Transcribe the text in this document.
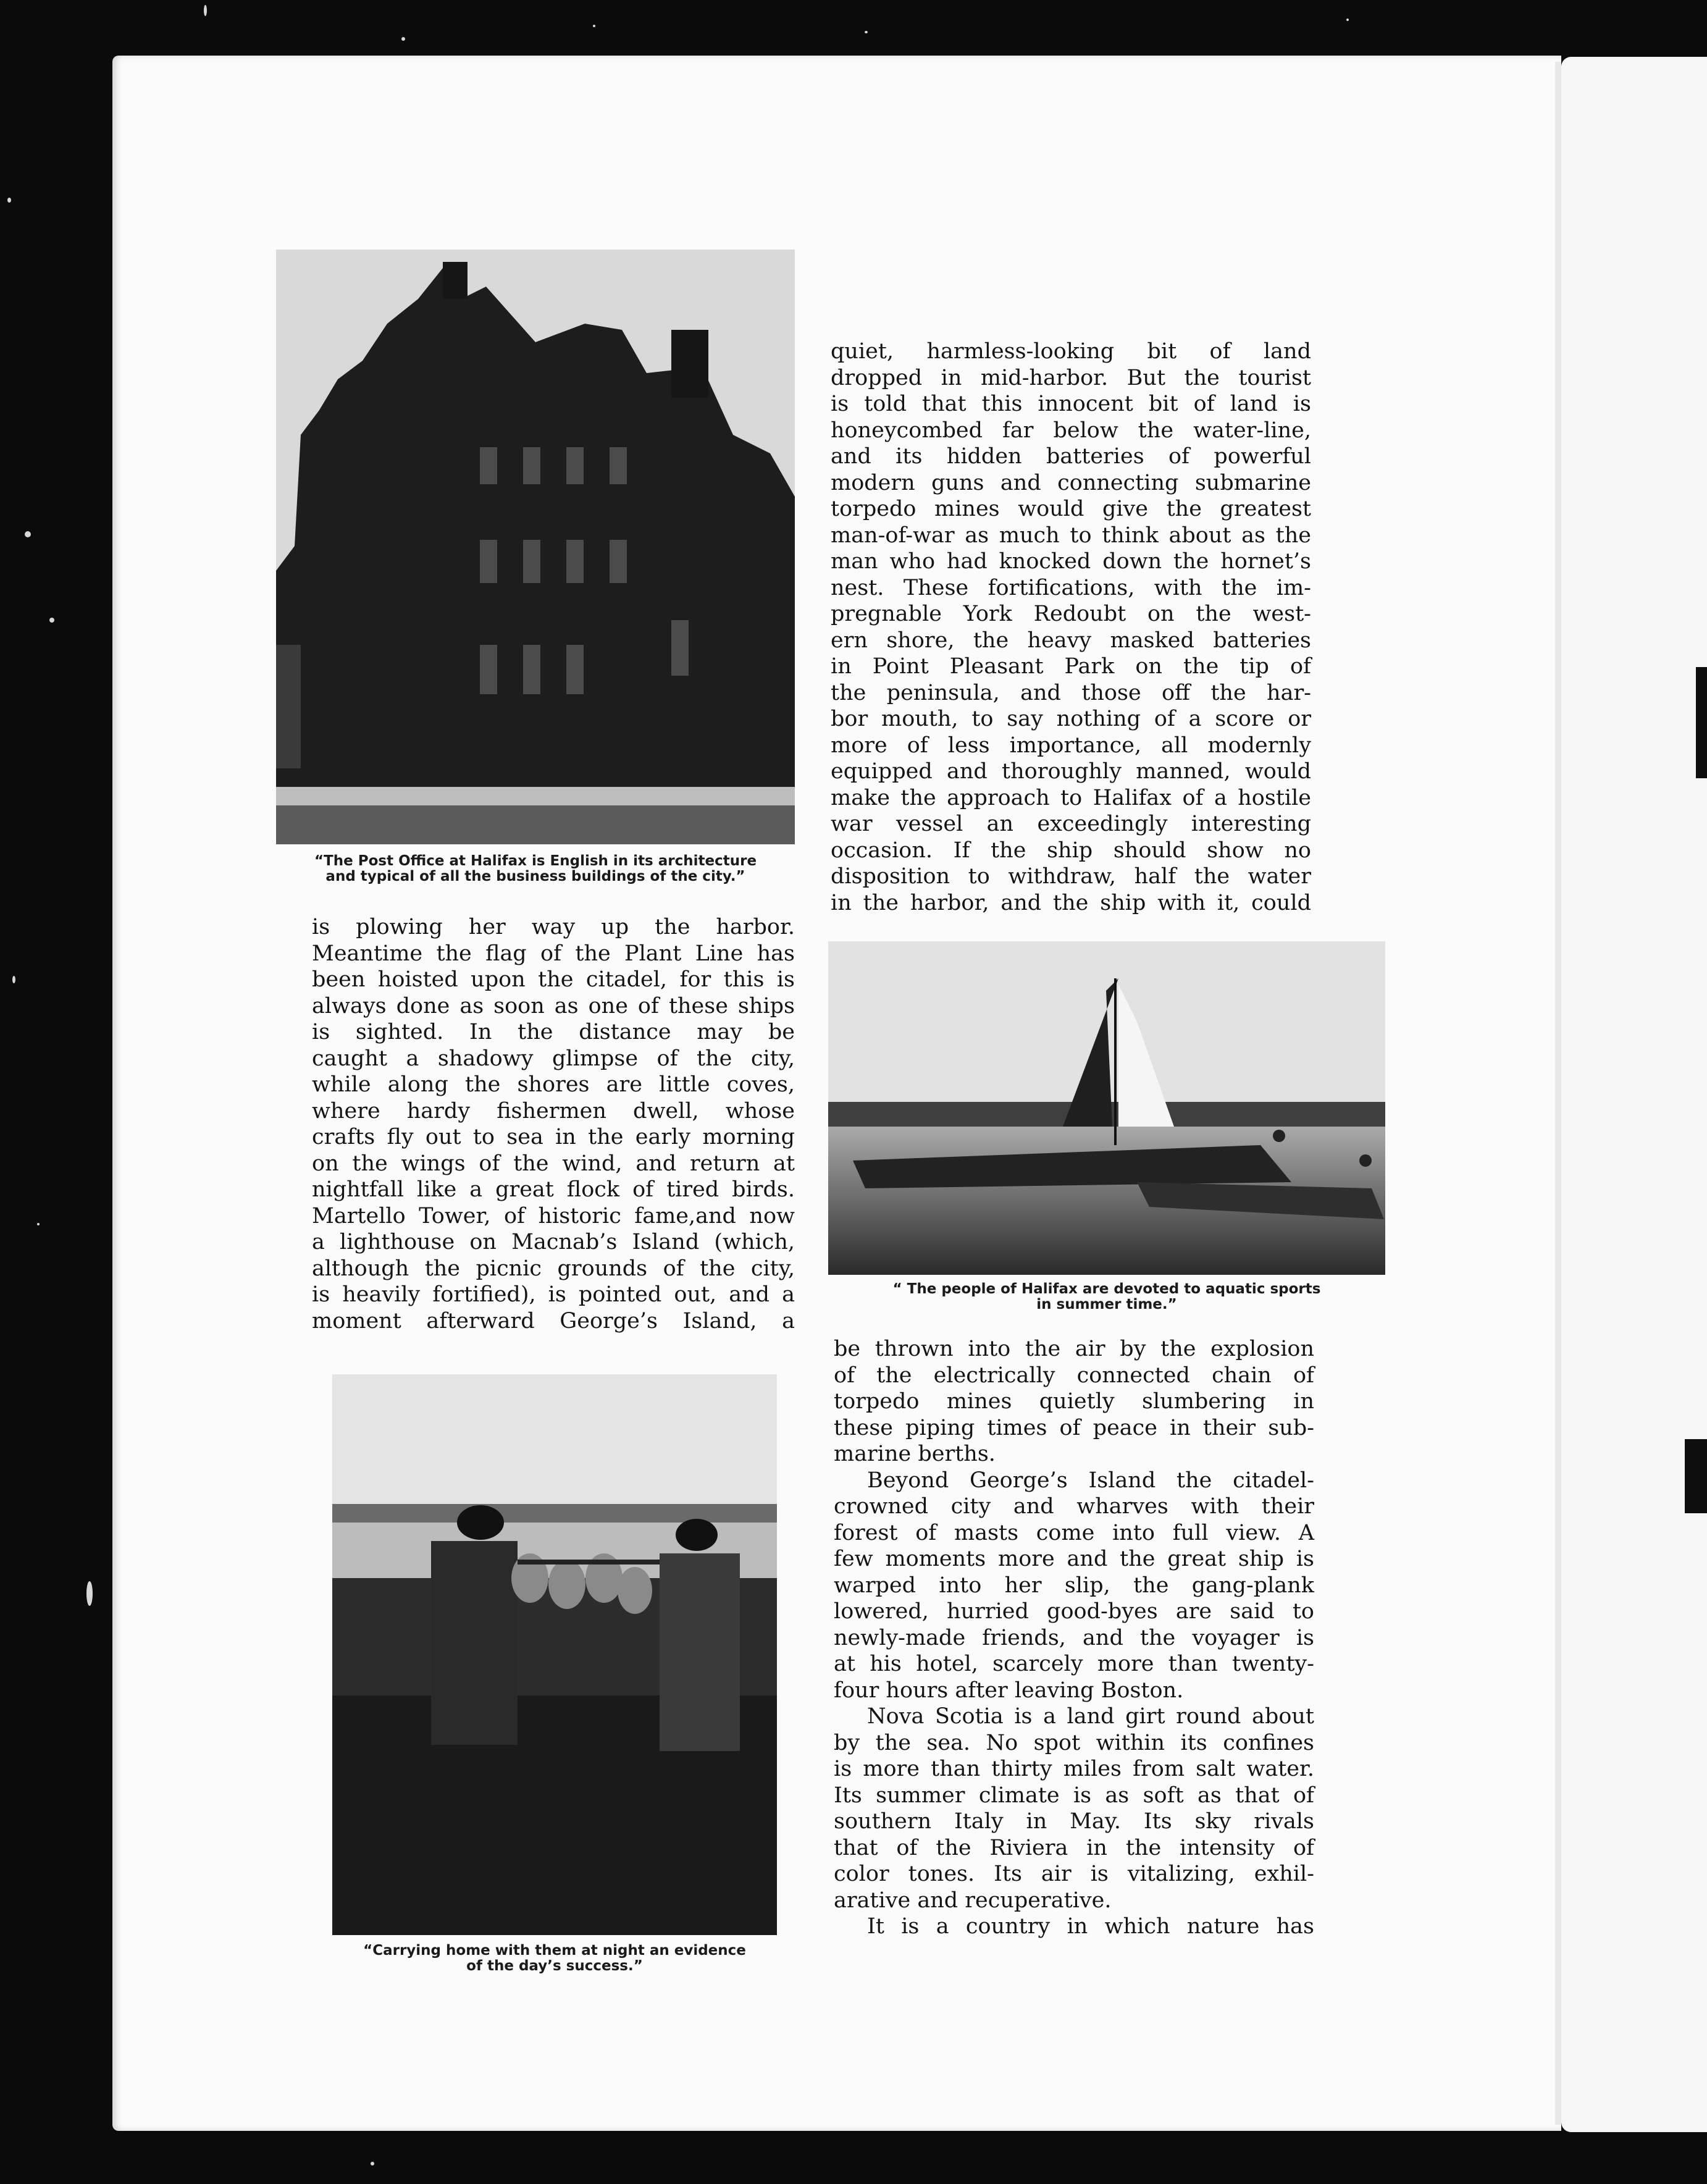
“The Post Office at Halifax is English in its architecture
and typical of all the business buildings of the city.”
“ The people of Halifax are devoted to aquatic sports
in summer time.”
“Carrying home with them at night an evidence
of the day’s success.”

quiet, harmless-looking bit of land

dropped in mid-harbor. But the tourist

is told that this innocent bit of land is

honeycombed far below the water-line,

and its hidden batteries of powerful

modern guns and connecting submarine

torpedo mines would give the greatest

man-of-war as much to think about as the

man who had knocked down the hornet’s

nest. These fortifications, with the im-

pregnable York Redoubt on the west-

ern shore, the heavy masked batteries

in Point Pleasant Park on the tip of

the peninsula, and those off the har-

bor mouth, to say nothing of a score or

more of less importance, all modernly

equipped and thoroughly manned, would

make the approach to Halifax of a hostile

war vessel an exceedingly interesting

occasion. If the ship should show no

disposition to withdraw, half the water

in the harbor, and the ship with it, could

is plowing her way up the harbor.

Meantime the flag of the Plant Line has

been hoisted upon the citadel, for this is

always done as soon as one of these ships

is sighted. In the distance may be

caught a shadowy glimpse of the city,

while along the shores are little coves,

where hardy fishermen dwell, whose

crafts fly out to sea in the early morning

on the wings of the wind, and return at

nightfall like a great flock of tired birds.

Martello Tower, of historic fame,and now

a lighthouse on Macnab’s Island (which,

although the picnic grounds of the city,

is heavily fortified), is pointed out, and a

moment afterward George’s Island, a

be thrown into the air by the explosion

of the electrically connected chain of

torpedo mines quietly slumbering in

these piping times of peace in their sub-

marine berths.

Beyond George’s Island the citadel-

crowned city and wharves with their

forest of masts come into full view. A

few moments more and the great ship is

warped into her slip, the gang-plank

lowered, hurried good-byes are said to

newly-made friends, and the voyager is

at his hotel, scarcely more than twenty-

four hours after leaving Boston.

Nova Scotia is a land girt round about

by the sea. No spot within its confines

is more than thirty miles from salt water.

Its summer climate is as soft as that of

southern Italy in May. Its sky rivals

that of the Riviera in the intensity of

color tones. Its air is vitalizing, exhil-

arative and recuperative.

It is a country in which nature has
